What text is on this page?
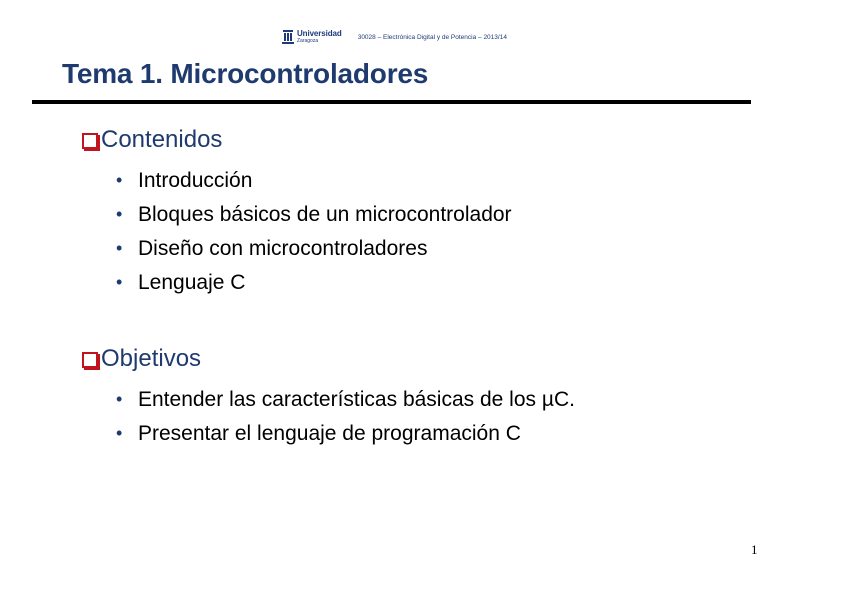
Universidad
Zaragoza
30028 – Electrónica Digital y de Potencia – 2013/14
Tema 1. Microcontroladores
Contenidos
• Introducción
• Bloques básicos de un microcontrolador
• Diseño con microcontroladores
• Lenguaje C
Objetivos
• Entender las características básicas de los µC.
• Presentar el lenguaje de programación C
1
